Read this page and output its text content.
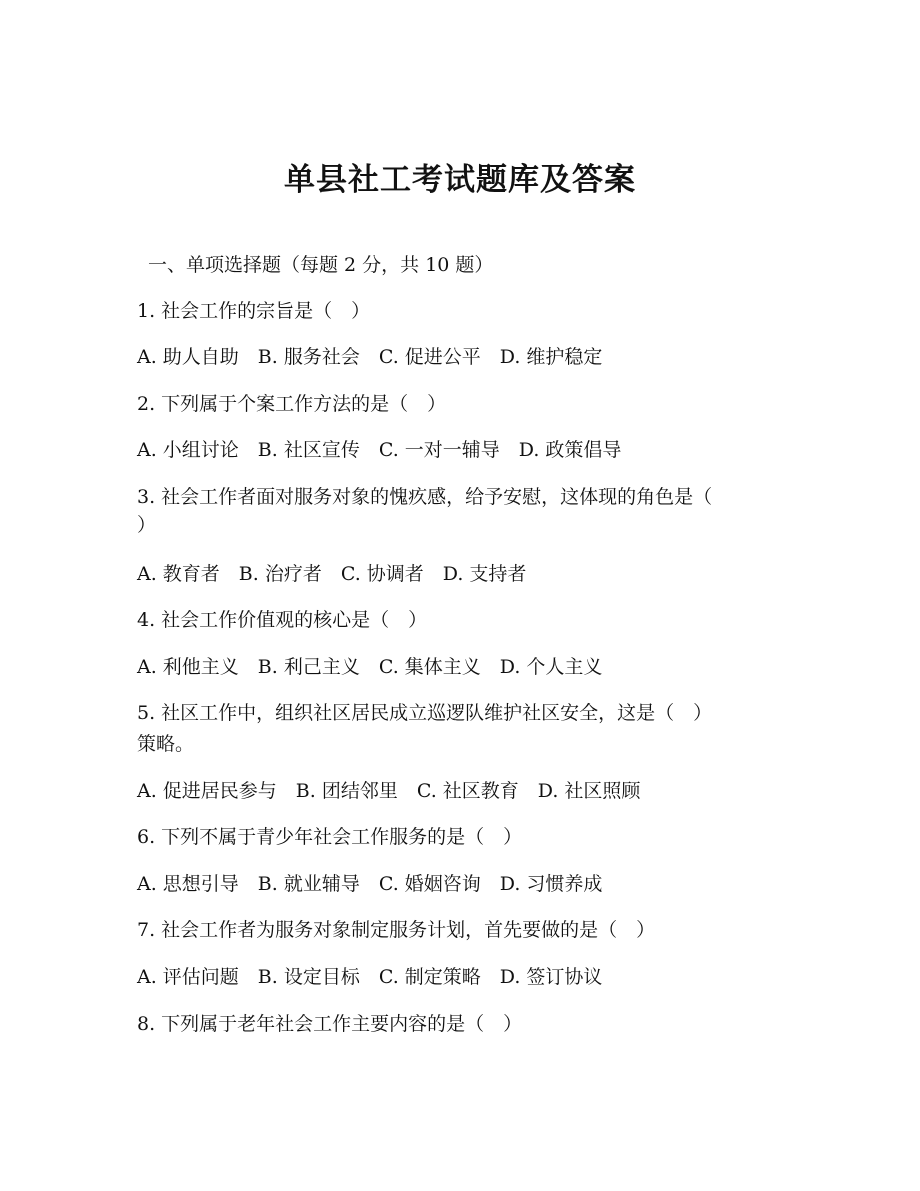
单县社工考试题库及答案
一、单项选择题（每题 2 分，共 10 题）
1. 社会工作的宗旨是（　）
A. 助人自助　B. 服务社会　C. 促进公平　D. 维护稳定
2. 下列属于个案工作方法的是（　）
A. 小组讨论　B. 社区宣传　C. 一对一辅导　D. 政策倡导
3. 社会工作者面对服务对象的愧疚感，给予安慰，这体现的角色是（
）
A. 教育者　B. 治疗者　C. 协调者　D. 支持者
4. 社会工作价值观的核心是（　）
A. 利他主义　B. 利己主义　C. 集体主义　D. 个人主义
5. 社区工作中，组织社区居民成立巡逻队维护社区安全，这是（　）
策略。
A. 促进居民参与　B. 团结邻里　C. 社区教育　D. 社区照顾
6. 下列不属于青少年社会工作服务的是（　）
A. 思想引导　B. 就业辅导　C. 婚姻咨询　D. 习惯养成
7. 社会工作者为服务对象制定服务计划，首先要做的是（　）
A. 评估问题　B. 设定目标　C. 制定策略　D. 签订协议
8. 下列属于老年社会工作主要内容的是（　）
